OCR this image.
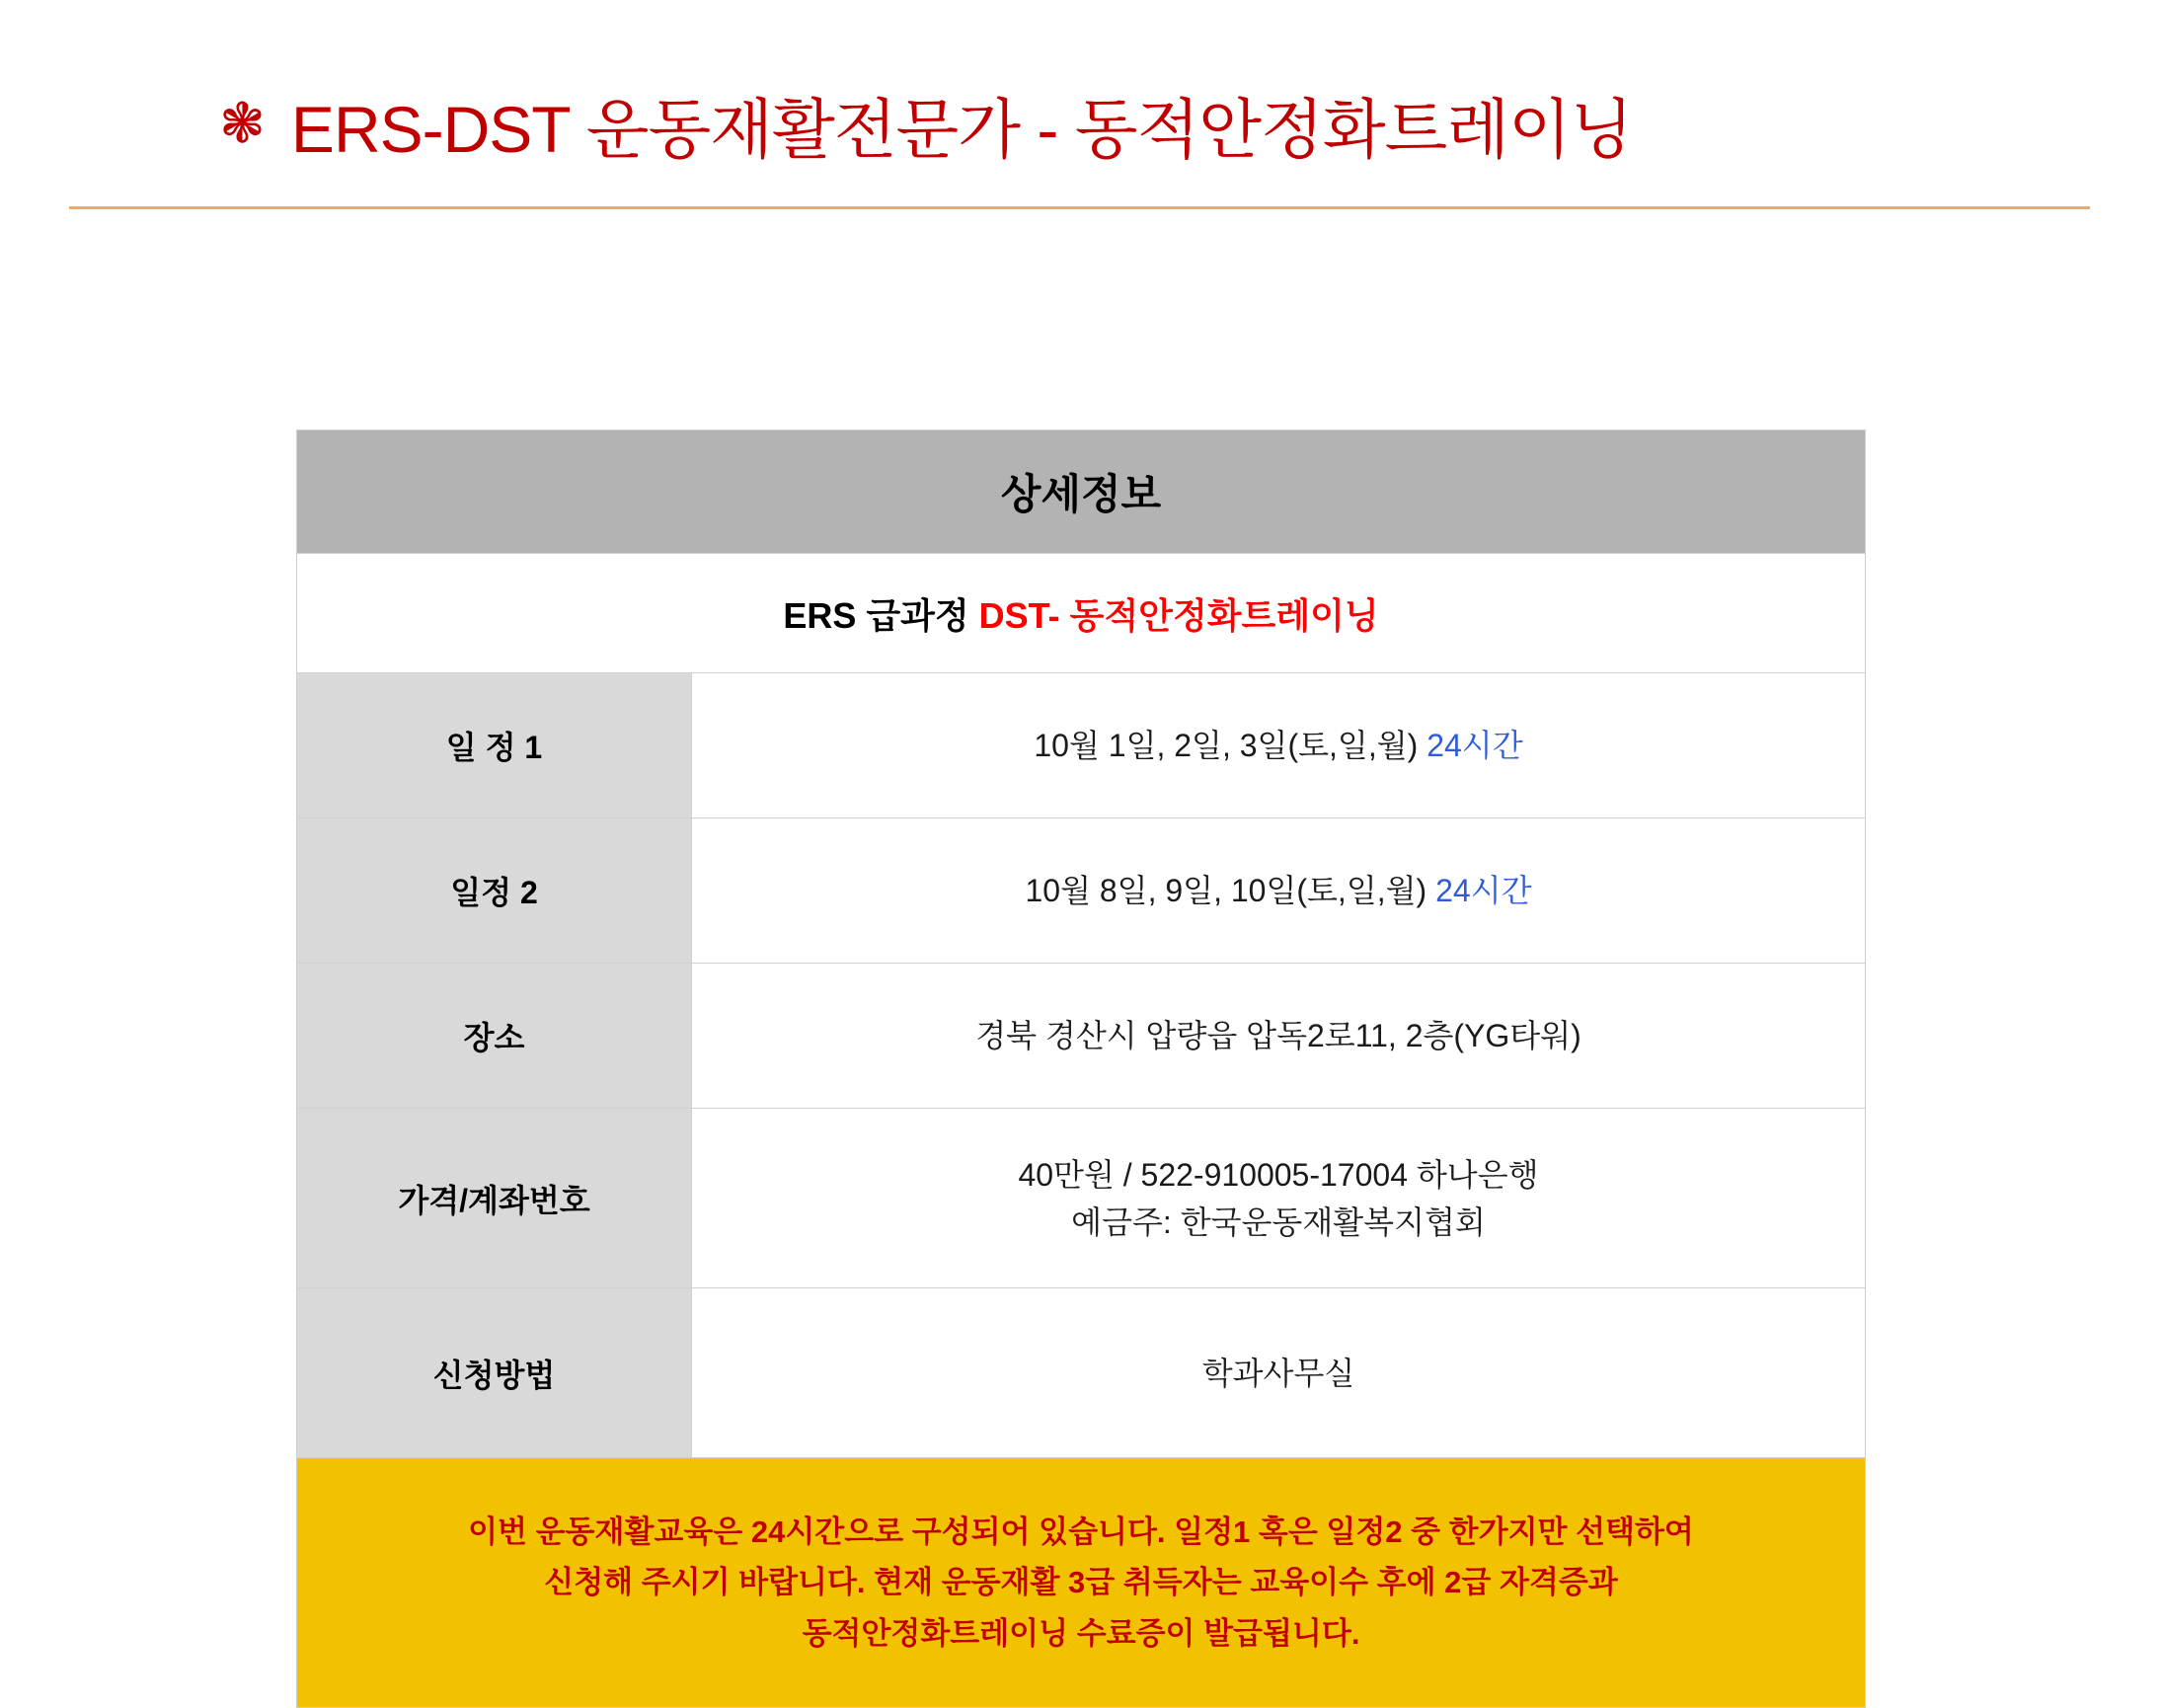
❃ ERS-DST 운동재활전문가 - 동적안정화트레이닝
상세정보	
ERS 급과정 DST- 동적안정화트레이닝	
일 정 1	10월 1일, 2일, 3일(토,일,월) 24시간
일정 2	10월 8일, 9일, 10일(토,일,월) 24시간
장소	경북 경산시 압량읍 압독2로11, 2층(YG타워)
가격/계좌번호	40만원 / 522-910005-17004 하나은행
예금주: 한국운동재활복지협회

신청방법	학과사무실

이번 운동재활교육은 24시간으로 구성되어 있습니다. 일정1 혹은 일정2 중 한가지만 선택하여
신청해 주시기 바랍니다. 현재 운동재활 3급 취득자는 교육이수 후에 2급 자격증과
동적안정화트레이닝 수료증이 발급됩니다.	
